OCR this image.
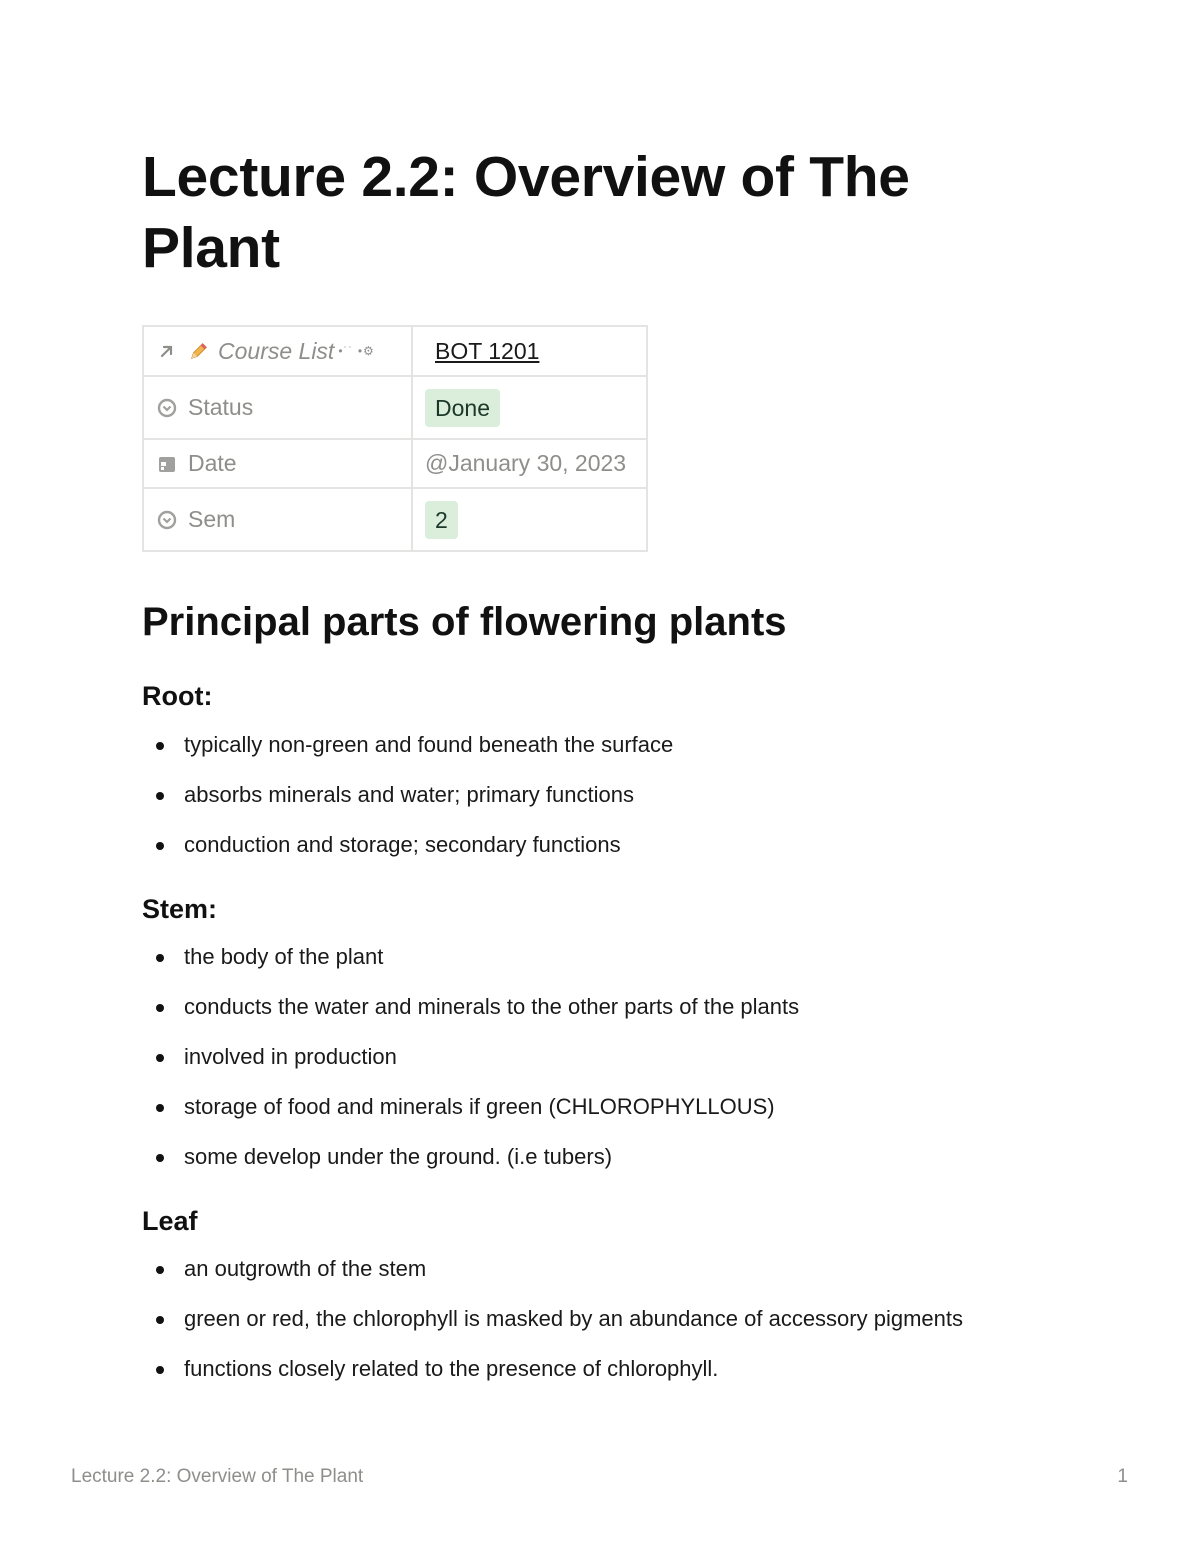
Lecture 2.2: Overview of The Plant
Course List •˙˙ •⚙	BOT 1201
Status	Done
Date	@January 30, 2023
Sem	2
Principal parts of flowering plants
Root:
typically non-green and found beneath the surface
absorbs minerals and water; primary functions
conduction and storage; secondary functions
Stem:
the body of the plant
conducts the water and minerals to the other parts of the plants
involved in production
storage of food and minerals if green (CHLOROPHYLLOUS)
some develop under the ground. (i.e tubers)
Leaf
an outgrowth of the stem
green or red, the chlorophyll is masked by an abundance of accessory pigments
functions closely related to the presence of chlorophyll.
Lecture 2.2: Overview of The Plant	1
